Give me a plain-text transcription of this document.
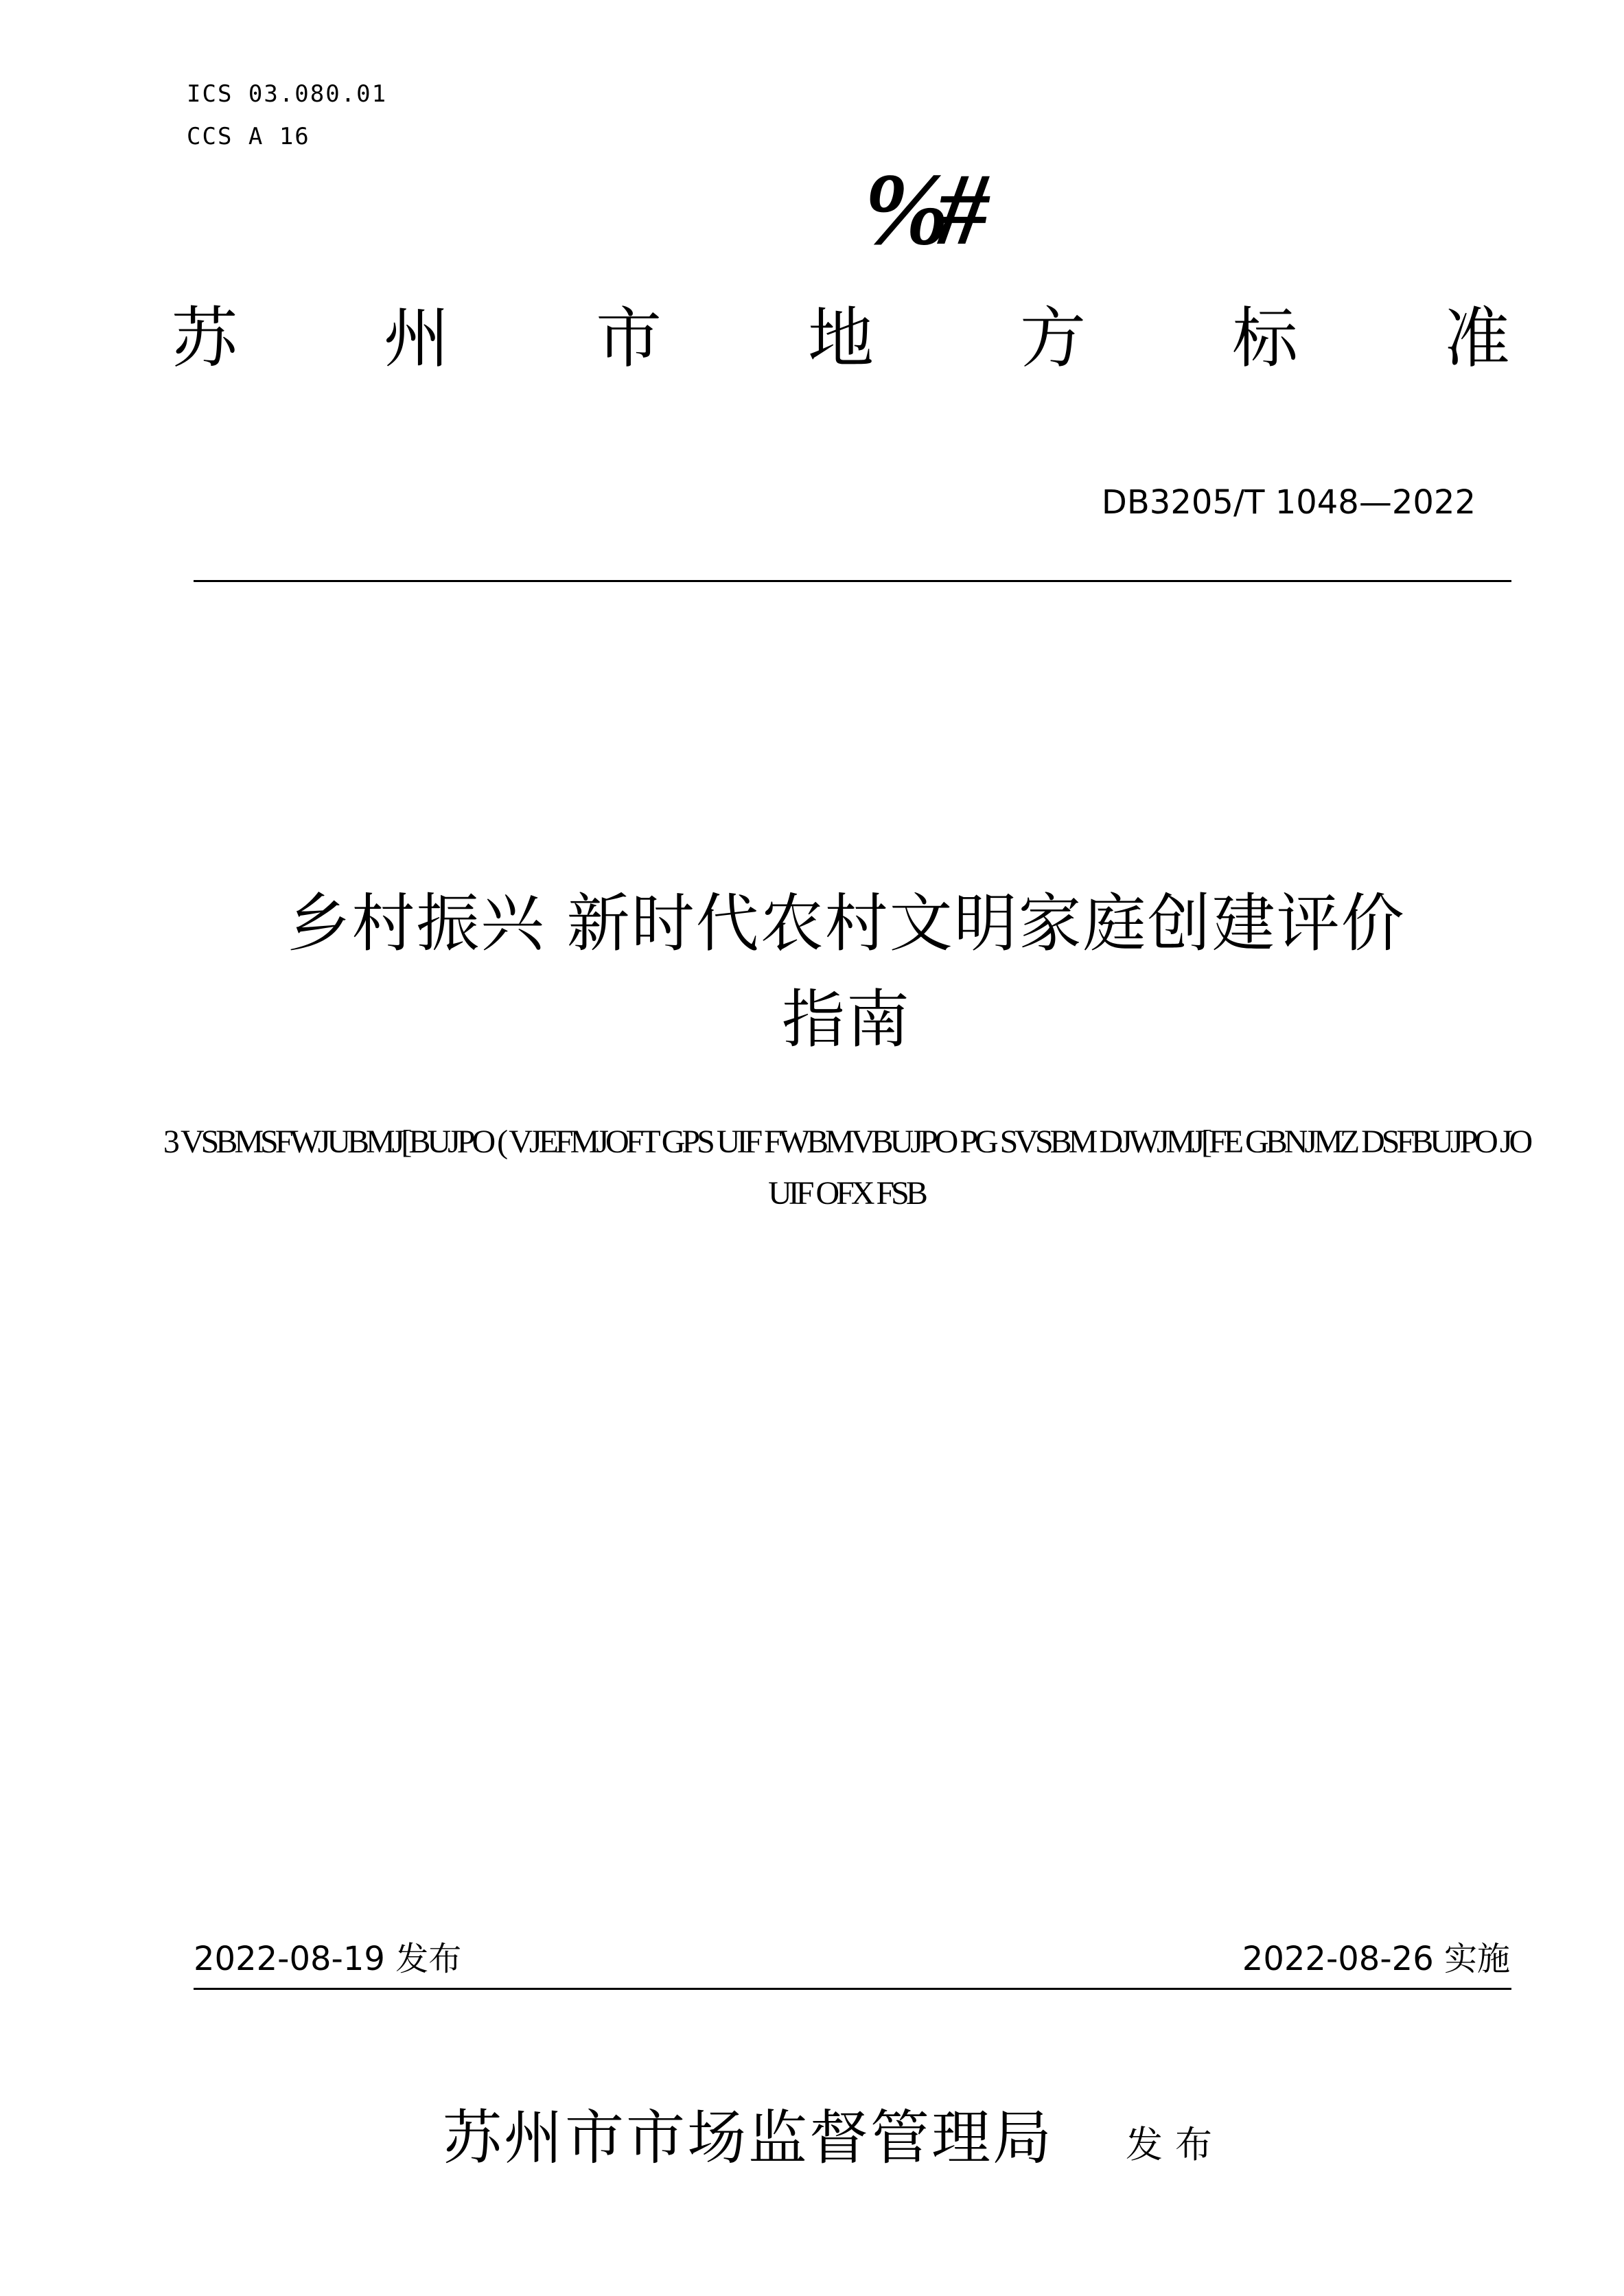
ICS 03.080.01
CCS A 16
%#
苏 州 市 地 方 标 准
DB3205/T 1048—2022
乡村振兴 新时代农村文明家庭创建评价
指南
3 VSBMSFWJUBMJ[BUJPO ( VJEFMJOFT GPS UIF FWBMVBUJPO PG SVSBM DJWJMJ[FE GBNJMZ DSFBUJPO JO
UIF OFX FSB
2022-08-19 发布	2022-08-26 实施
苏州市市场监督管理局 发布
